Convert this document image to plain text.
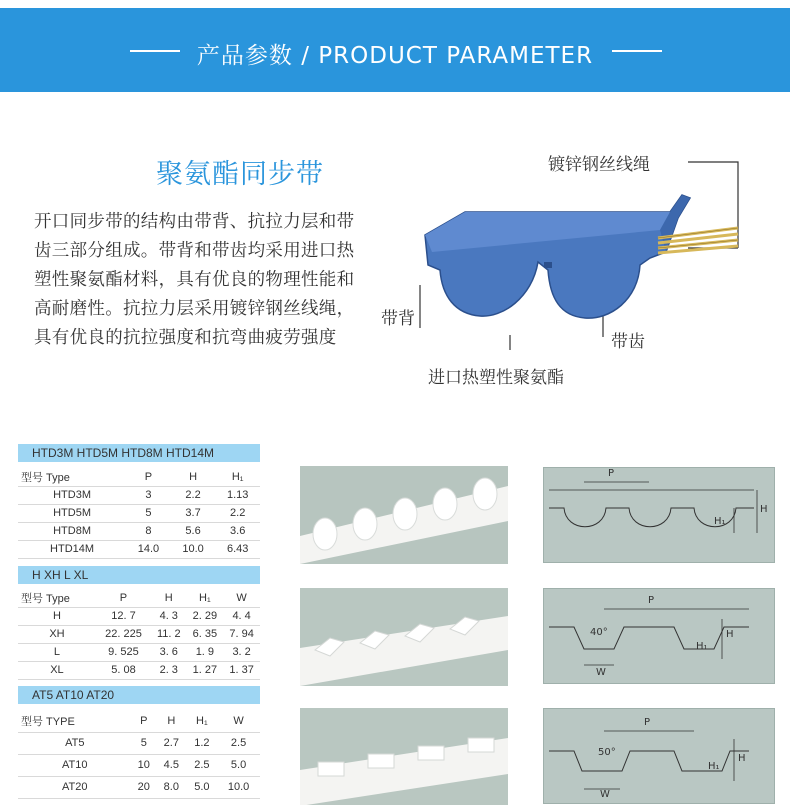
产品参数 / PRODUCT PARAMETER
聚氨酯同步带
开口同步带的结构由带背、抗拉力层和带齿三部分组成。带背和带齿均采用进口热塑性聚氨酯材料，具有优良的物理性能和高耐磨性。抗拉力层采用镀锌钢丝线绳，具有优良的抗拉强度和抗弯曲疲劳强度
镀锌钢丝线绳
带背
带齿
进口热塑性聚氨酯
HTD3M HTD5M HTD8M HTD14M
型号 Type	P	H	H₁
HTD3M	3	2.2	1.13
HTD5M	5	3.7	2.2
HTD8M	8	5.6	3.6
HTD14M	14.0	10.0	6.43
H XH L XL
型号 Type	P	H	H₁	W
H	12. 7	4. 3	2. 29	4. 4
XH	22. 225	11. 2	6. 35	7. 94
L	9. 525	3. 6	1. 9	3. 2
XL	5. 08	2. 3	1. 27	1. 37
AT5 AT10 AT20
型号 TYPE	P	H	H₁	W
AT5	5	2.7	1.2	2.5
AT10	10	4.5	2.5	5.0
AT20	20	8.0	5.0	10.0
P
H
H₁
P
40°
W
H
H₁
P
50°
W
H
H₁
